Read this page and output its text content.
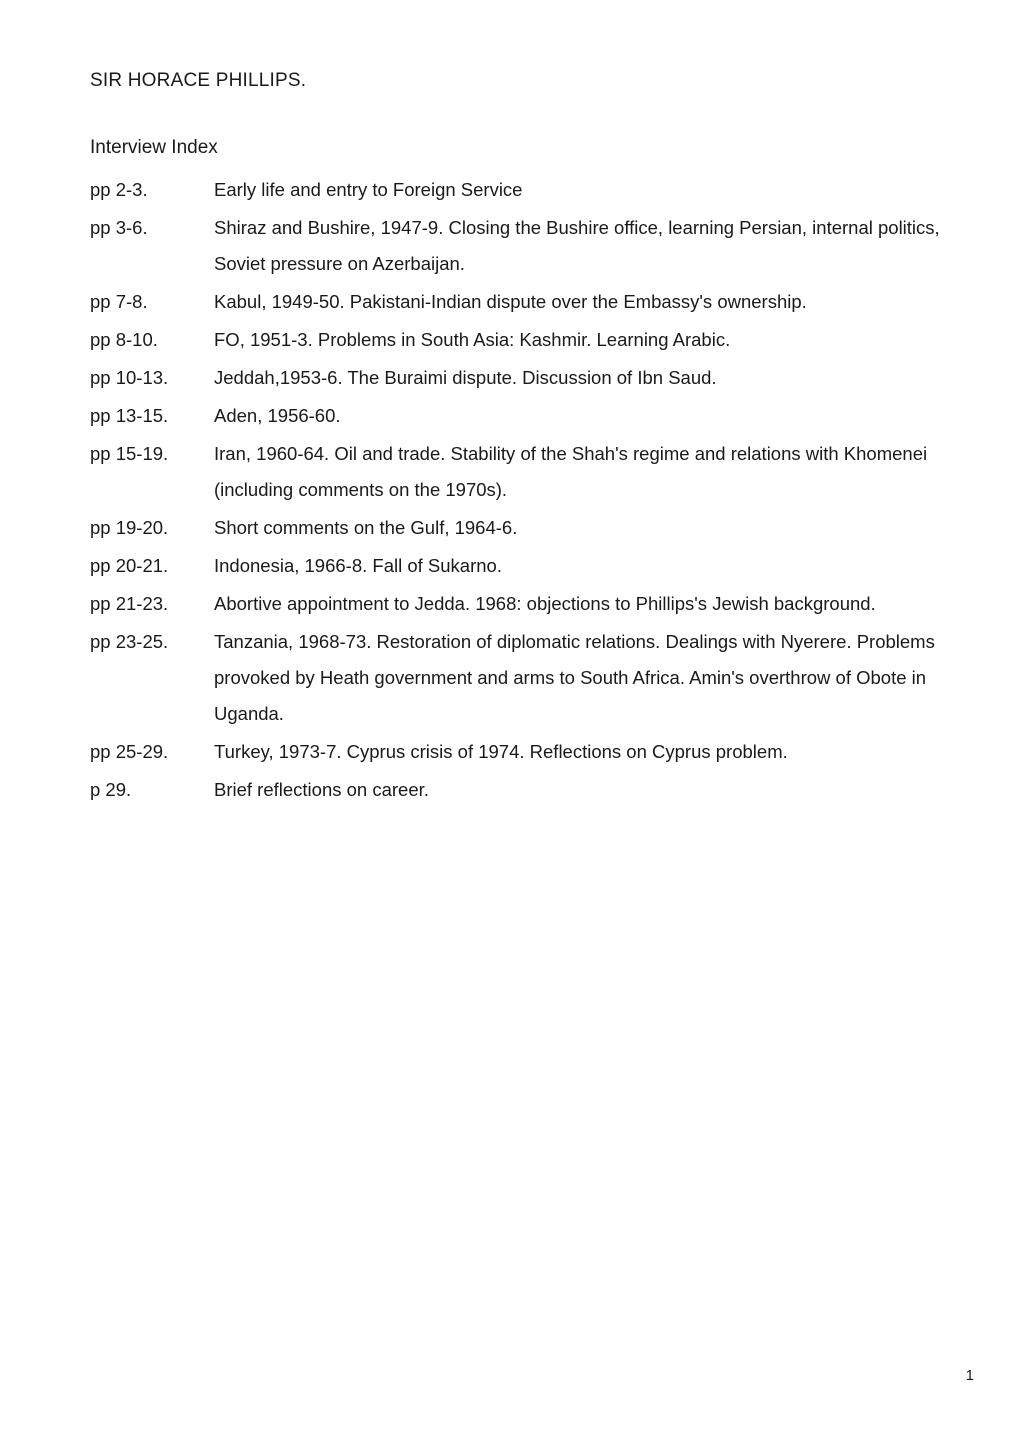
SIR HORACE PHILLIPS.
Interview Index
pp 2-3.	Early life and entry to Foreign Service
pp 3-6.	Shiraz and Bushire, 1947-9. Closing the Bushire office, learning Persian, internal politics, Soviet pressure on Azerbaijan.
pp 7-8.	Kabul, 1949-50. Pakistani-Indian dispute over the Embassy's ownership.
pp 8-10.	FO, 1951-3. Problems in South Asia: Kashmir. Learning Arabic.
pp 10-13.	Jeddah,1953-6. The Buraimi dispute. Discussion of Ibn Saud.
pp 13-15.	Aden, 1956-60.
pp 15-19.	Iran, 1960-64. Oil and trade. Stability of the Shah's regime and relations with Khomenei (including comments on the 1970s).
pp 19-20.	Short comments on the Gulf, 1964-6.
pp 20-21.	Indonesia, 1966-8. Fall of Sukarno.
pp 21-23.	Abortive appointment to Jedda. 1968: objections to Phillips's Jewish background.
pp 23-25.	Tanzania, 1968-73. Restoration of diplomatic relations. Dealings with Nyerere. Problems provoked by Heath government and arms to South Africa. Amin's overthrow of Obote in Uganda.
pp 25-29.	Turkey, 1973-7. Cyprus crisis of 1974. Reflections on Cyprus problem.
p 29.	Brief reflections on career.
1
